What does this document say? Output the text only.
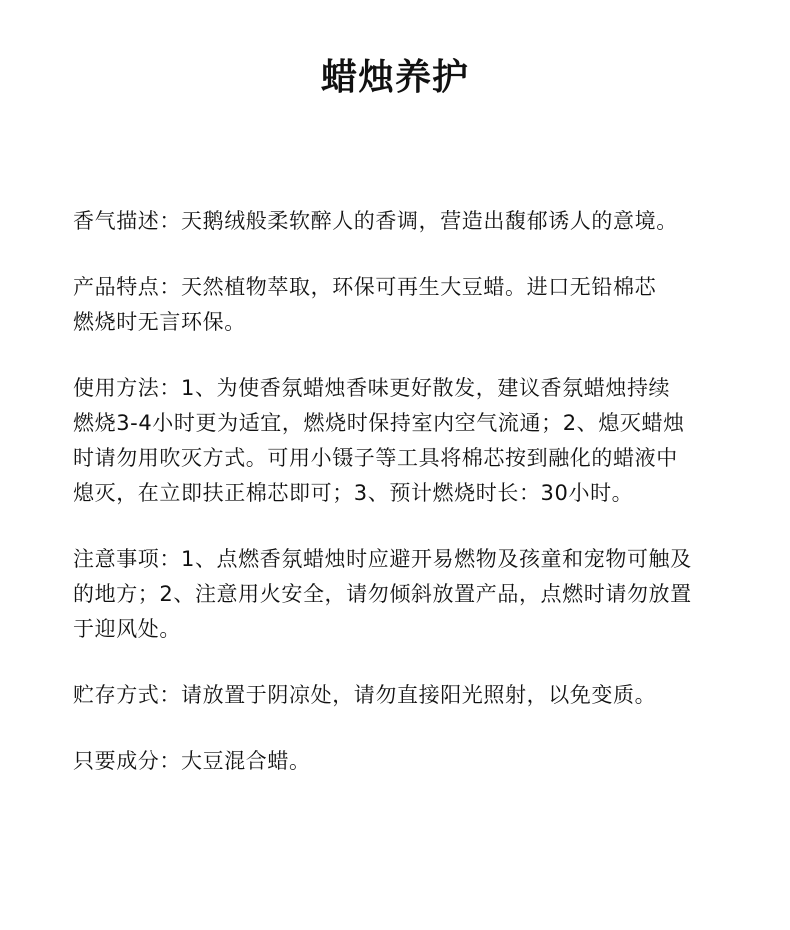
蜡烛养护

香气描述：天鹅绒般柔软醉人的香调，营造出馥郁诱人的意境。

产品特点：天然植物萃取，环保可再生大豆蜡。进口无铅棉芯

燃烧时无言环保。

使用方法：1、为使香氛蜡烛香味更好散发，建议香氛蜡烛持续

燃烧3-4小时更为适宜，燃烧时保持室内空气流通；2、熄灭蜡烛

时请勿用吹灭方式。可用小镊子等工具将棉芯按到融化的蜡液中

熄灭，在立即扶正棉芯即可；3、预计燃烧时长：30小时。

注意事项：1、点燃香氛蜡烛时应避开易燃物及孩童和宠物可触及

的地方；2、注意用火安全，请勿倾斜放置产品，点燃时请勿放置

于迎风处。

贮存方式：请放置于阴凉处，请勿直接阳光照射，以免变质。

只要成分：大豆混合蜡。
